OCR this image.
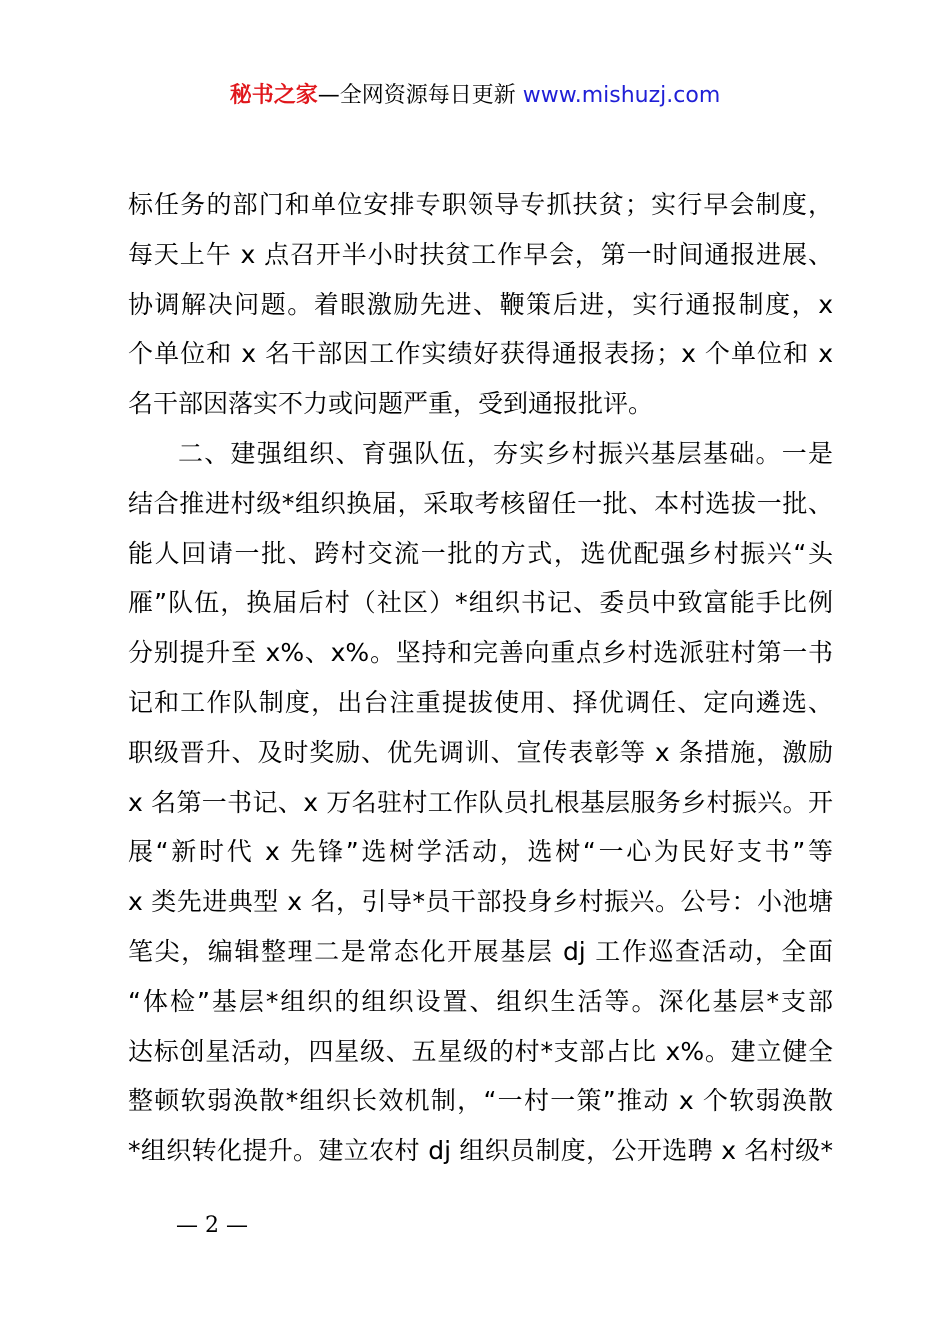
秘书之家—全网资源每日更新 www.mishuzj.com
标任务的部门和单位安排专职领导专抓扶贫；实行早会制度，
每天上午 x 点召开半小时扶贫工作早会，第一时间通报进展、
协调解决问题。着眼激励先进、鞭策后进，实行通报制度，x
个单位和 x 名干部因工作实绩好获得通报表扬；x 个单位和 x
名干部因落实不力或问题严重，受到通报批评。
二、建强组织、育强队伍，夯实乡村振兴基层基础。一是
结合推进村级*组织换届，采取考核留任一批、本村选拔一批、
能人回请一批、跨村交流一批的方式，选优配强乡村振兴“头
雁”队伍，换届后村（社区）*组织书记、委员中致富能手比例
分别提升至 x%、x%。坚持和完善向重点乡村选派驻村第一书
记和工作队制度，出台注重提拔使用、择优调任、定向遴选、
职级晋升、及时奖励、优先调训、宣传表彰等 x 条措施，激励
x 名第一书记、x 万名驻村工作队员扎根基层服务乡村振兴。开
展“新时代 x 先锋”选树学活动，选树“一心为民好支书”等
x 类先进典型 x 名，引导*员干部投身乡村振兴。公号：小池塘
笔尖，编辑整理二是常态化开展基层 dj 工作巡查活动，全面
“体检”基层*组织的组织设置、组织生活等。深化基层*支部
达标创星活动，四星级、五星级的村*支部占比 x%。建立健全
整顿软弱涣散*组织长效机制，“一村一策”推动 x 个软弱涣散
*组织转化提升。建立农村 dj 组织员制度，公开选聘 x 名村级*
— 2 —
